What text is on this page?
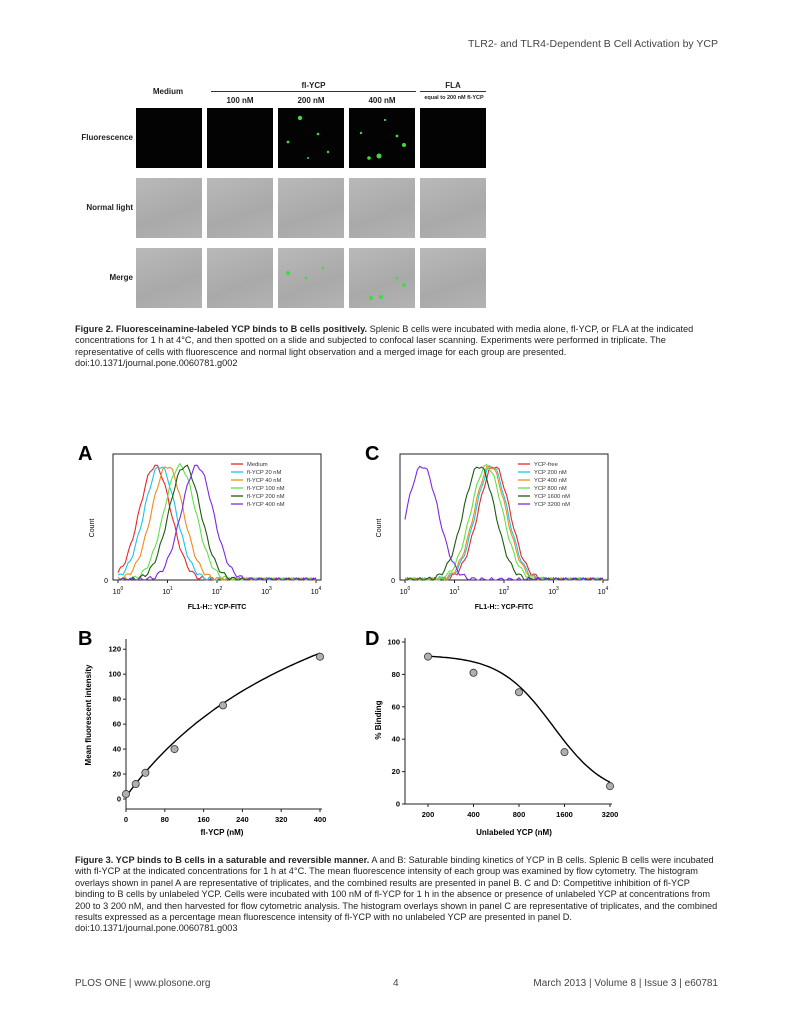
TLR2- and TLR4-Dependent B Cell Activation by YCP
Medium
fl-YCP
100 nM	200 nM	400 nM
FLA
equal to 200 nM fl-YCP
Fluorescence
Normal light
Merge
Figure 2. Fluoresceinamine-labeled YCP binds to B cells positively. Splenic B cells were incubated with media alone, fl-YCP, or FLA at the indicated concentrations for 1 h at 4°C, and then spotted on a slide and subjected to confocal laser scanning. Experiments were performed in triplicate. The representative of cells with fluorescence and normal light observation and a merged image for each group are presented.
doi:10.1371/journal.pone.0060781.g002
A	C
B	D
Count
0
FL1-H:: YCP-FITC
$10^0$	$10^1$	$10^2$	$10^3$	$10^4$
Medium
fl-YCP 20 nM
fl-YCP 40 nM
fl-YCP 100 nM
fl-YCP 200 nM
fl-YCP 400 nM
Count
0
FL1-H:: YCP-FITC
$10^0$	$10^1$	$10^2$	$10^3$	$10^4$
YCP-free
YCP 200 nM
YCP 400 nM
YCP 800 nM
YCP 1600 nM
YCP 3200 nM
Mean fluorescent intensity
fl-YCP (nM)
0
20
40
60
80
100
120
0	80	160	240	320	400
% Binding
Unlabeled YCP (nM)
0
20
40
60
80
100
200	400	800	1600	3200
Figure 3. YCP binds to B cells in a saturable and reversible manner. A and B: Saturable binding kinetics of YCP in B cells. Splenic B cells were incubated with fl-YCP at the indicated concentrations for 1 h at 4°C. The mean fluorescence intensity of each group was examined by flow cytometry. The histogram overlays shown in panel A are representative of triplicates, and the combined results are presented in panel B. C and D: Competitive inhibition of fl-YCP binding to B cells by unlabeled YCP. Cells were incubated with 100 nM of fl-YCP for 1 h in the absence or presence of unlabeled YCP at concentrations from 200 to 3 200 nM, and then harvested for flow cytometric analysis. The histogram overlays shown in panel C are representative of triplicates, and the combined results expressed as a percentage mean fluorescence intensity of fl-YCP with no unlabeled YCP are presented in panel D.
doi:10.1371/journal.pone.0060781.g003
PLOS ONE | www.plosone.org	4	March 2013 | Volume 8 | Issue 3 | e60781
